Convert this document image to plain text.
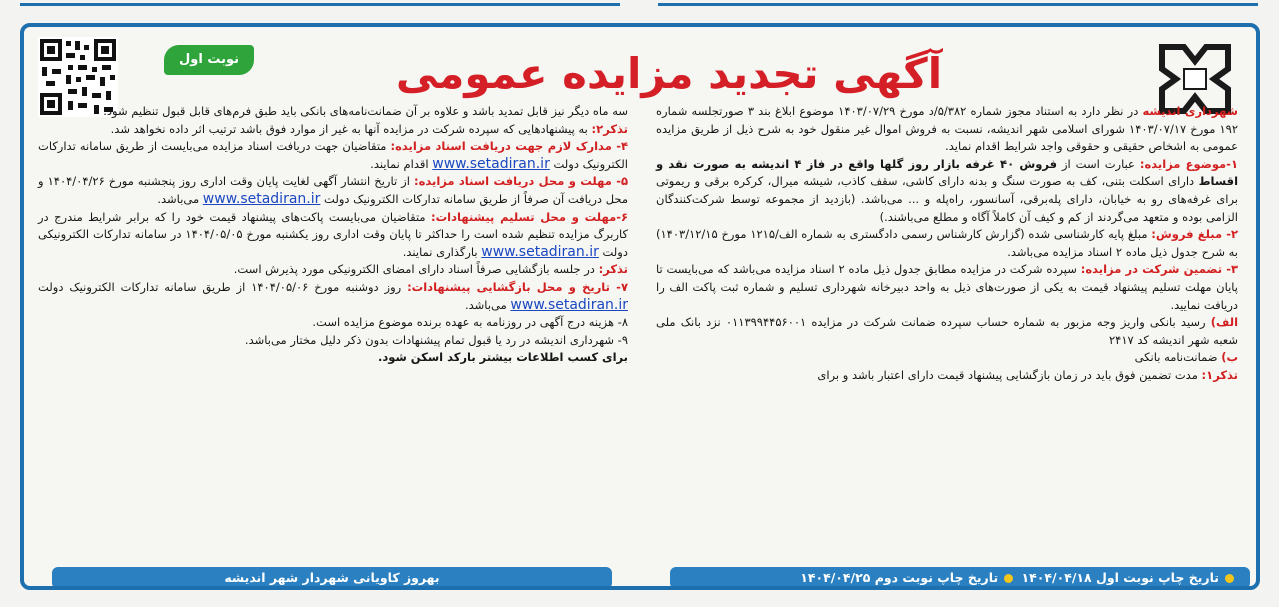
آگهی تجدید مزایده عمومی
نوبت اول

شهرداری اندیشه در نظر دارد به استناد مجوز شماره ۵/۳۸۲/د مورخ ۱۴۰۳/۰۷/۲۹ موضوع ابلاغ بند ۳ صورتجلسه شماره ۱۹۲ مورخ ۱۴۰۳/۰۷/۱۷ شورای اسلامی شهر اندیشه، نسبت به فروش اموال غیر منقول خود به شرح ذیل از طریق مزایده عمومی به اشخاص حقیقی و حقوقی واجد شرایط اقدام نماید.

۱-موضوع مزایده: عبارت است از فروش ۴۰ غرفه بازار روز گلها واقع در فاز ۴ اندیشه به صورت نقد و اقساط دارای اسکلت بتنی، کف به صورت سنگ و بدنه دارای کاشی، سقف کاذب، شیشه میرال، کرکره برقی و ریموتی برای غرفه‌های رو به خیابان، دارای پله‌برقی، آسانسور، راه‌پله و ... می‌باشد. (بازدید از مجموعه توسط شرکت‌کنندگان الزامی بوده و متعهد می‌گردند از کم و کیف آن کاملاً آگاه و مطلع می‌باشند.)

۲- مبلغ فروش: مبلغ پایه کارشناسی شده (گزارش کارشناس رسمی دادگستری به شماره الف/۱۲۱۵ مورخ ۱۴۰۳/۱۲/۱۵) به شرح جدول ذیل ماده ۲ اسناد مزایده می‌باشد.

۳- تضمین شرکت در مزایده: سپرده شرکت در مزایده مطابق جدول ذیل ماده ۲ اسناد مزایده می‌باشد که می‌بایست تا پایان مهلت تسلیم پیشنهاد قیمت به یکی از صورت‌های ذیل به واحد دبیرخانه شهرداری تسلیم و شماره ثبت پاکت الف را دریافت نمایید.

الف) رسید بانکی واریز وجه مزبور به شماره حساب سپرده ضمانت شرکت در مزایده ۰۱۱۳۹۹۴۴۵۶۰۰۱ نزد بانک ملی شعبه شهر اندیشه کد ۲۴۱۷

ب) ضمانت‌نامه بانکی

تذکر۱: مدت تضمین فوق باید در زمان بازگشایی پیشنهاد قیمت دارای اعتبار باشد و برای

سه ماه دیگر نیز قابل تمدید باشد و علاوه بر آن ضمانت‌نامه‌های بانکی باید طبق فرم‌های قابل قبول تنظیم شود.

تذکر۲: به پیشنهادهایی که سپرده شرکت در مزایده آنها به غیر از موارد فوق باشد ترتیب اثر داده نخواهد شد.

۴- مدارک لازم جهت دریافت اسناد مزایده: متقاضیان جهت دریافت اسناد مزایده می‌بایست از طریق سامانه تدارکات الکترونیک دولت www.setadiran.ir اقدام نمایند.

۵- مهلت و محل دریافت اسناد مزایده: از تاریخ انتشار آگهی لغایت پایان وقت اداری روز پنجشنبه مورخ ۱۴۰۴/۰۴/۲۶ و محل دریافت آن صرفاً از طریق سامانه تدارکات الکترونیک دولت www.setadiran.ir می‌باشد.

۶-مهلت و محل تسلیم پیشنهادات: متقاضیان می‌بایست پاکت‌های پیشنهاد قیمت خود را که برابر شرایط مندرج در کاربرگ مزایده تنظیم شده است را حداکثر تا پایان وقت اداری روز یکشنبه مورخ ۱۴۰۴/۰۵/۰۵ در سامانه تدارکات الکترونیکی دولت www.setadiran.ir بارگذاری نمایند.

تذکر: در جلسه بازگشایی صرفاً اسناد دارای امضای الکترونیکی مورد پذیرش است.

۷- تاریخ و محل بازگشایی پیشنهادات: روز دوشنبه مورخ ۱۴۰۴/۰۵/۰۶ از طریق سامانه تدارکات الکترونیک دولت www.setadiran.ir می‌باشد.

۸- هزینه درج آگهی در روزنامه به عهده برنده موضوع مزایده است.

۹- شهرداری اندیشه در رد یا قبول تمام پیشنهادات بدون ذکر دلیل مختار می‌باشد.

برای کسب اطلاعات بیشتر بارکد اسکن شود.

بهروز کاویانی شهردار شهر اندیشه	تاریخ چاپ نوبت اول ۱۴۰۴/۰۴/۱۸ تاریخ چاپ نوبت دوم ۱۴۰۴/۰۴/۲۵
